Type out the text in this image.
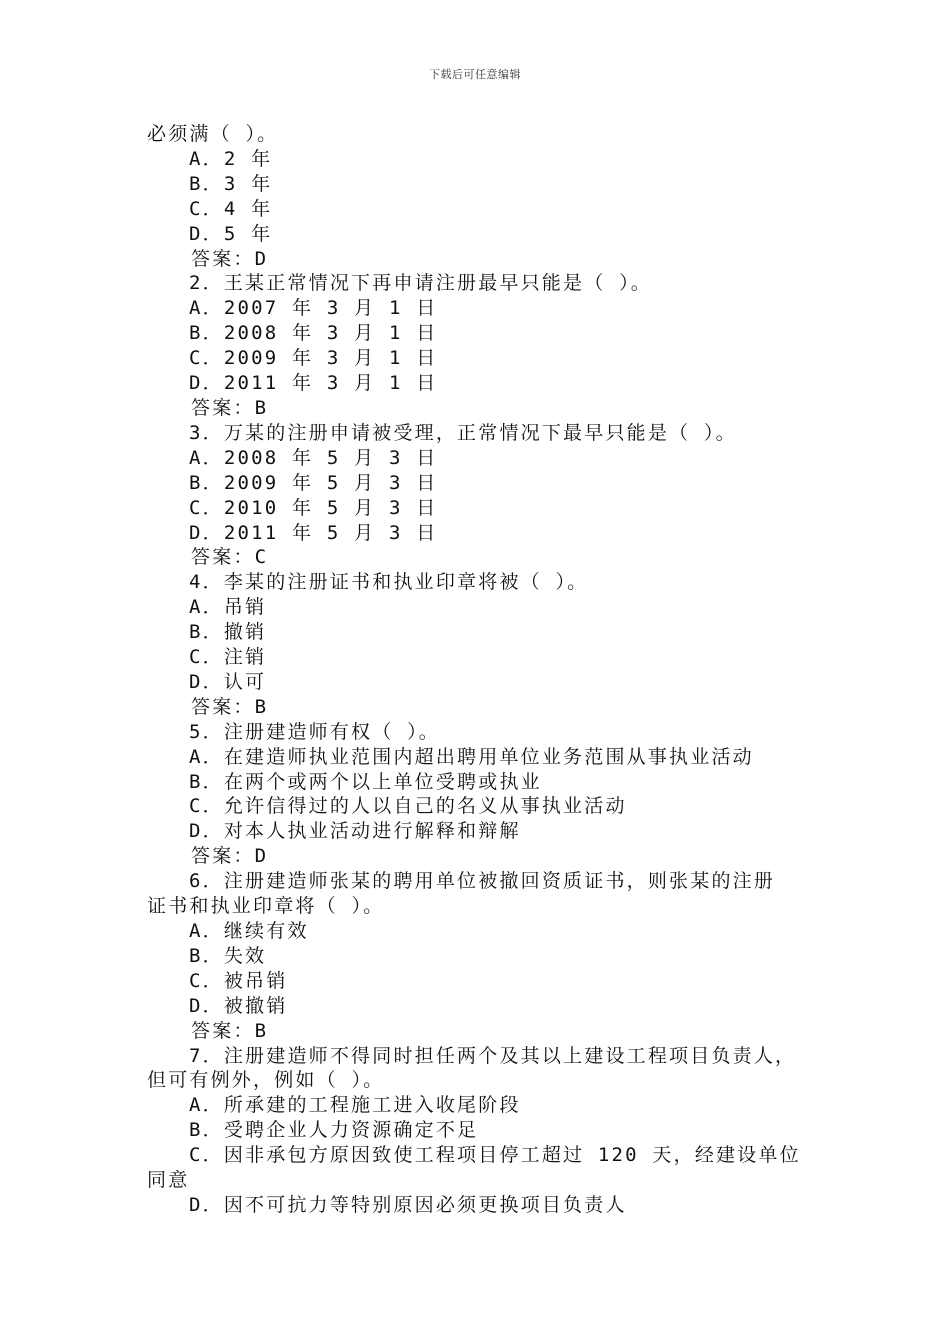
下载后可任意编辑
必须满（ ）。
A．2 年
B．3 年
C．4 年
D．5 年
答案：D
2．王某正常情况下再申请注册最早只能是（ ）。
A．2007 年 3 月 1 日
B．2008 年 3 月 1 日
C．2009 年 3 月 1 日
D．2011 年 3 月 1 日
答案：B
3．万某的注册申请被受理，正常情况下最早只能是（ ）。
A．2008 年 5 月 3 日
B．2009 年 5 月 3 日
C．2010 年 5 月 3 日
D．2011 年 5 月 3 日
答案：C
4．李某的注册证书和执业印章将被（ ）。
A．吊销
B．撤销
C．注销
D．认可
答案：B
5．注册建造师有权（ ）。
A．在建造师执业范围内超出聘用单位业务范围从事执业活动
B．在两个或两个以上单位受聘或执业
C．允许信得过的人以自己的名义从事执业活动
D．对本人执业活动进行解释和辩解
答案：D
6．注册建造师张某的聘用单位被撤回资质证书，则张某的注册
证书和执业印章将（ ）。
A．继续有效
B．失效
C．被吊销
D．被撤销
答案：B
7．注册建造师不得同时担任两个及其以上建设工程项目负责人，
但可有例外，例如（ ）。
A．所承建的工程施工进入收尾阶段
B．受聘企业人力资源确定不足
C．因非承包方原因致使工程项目停工超过 120 天，经建设单位
同意
D．因不可抗力等特别原因必须更换项目负责人
